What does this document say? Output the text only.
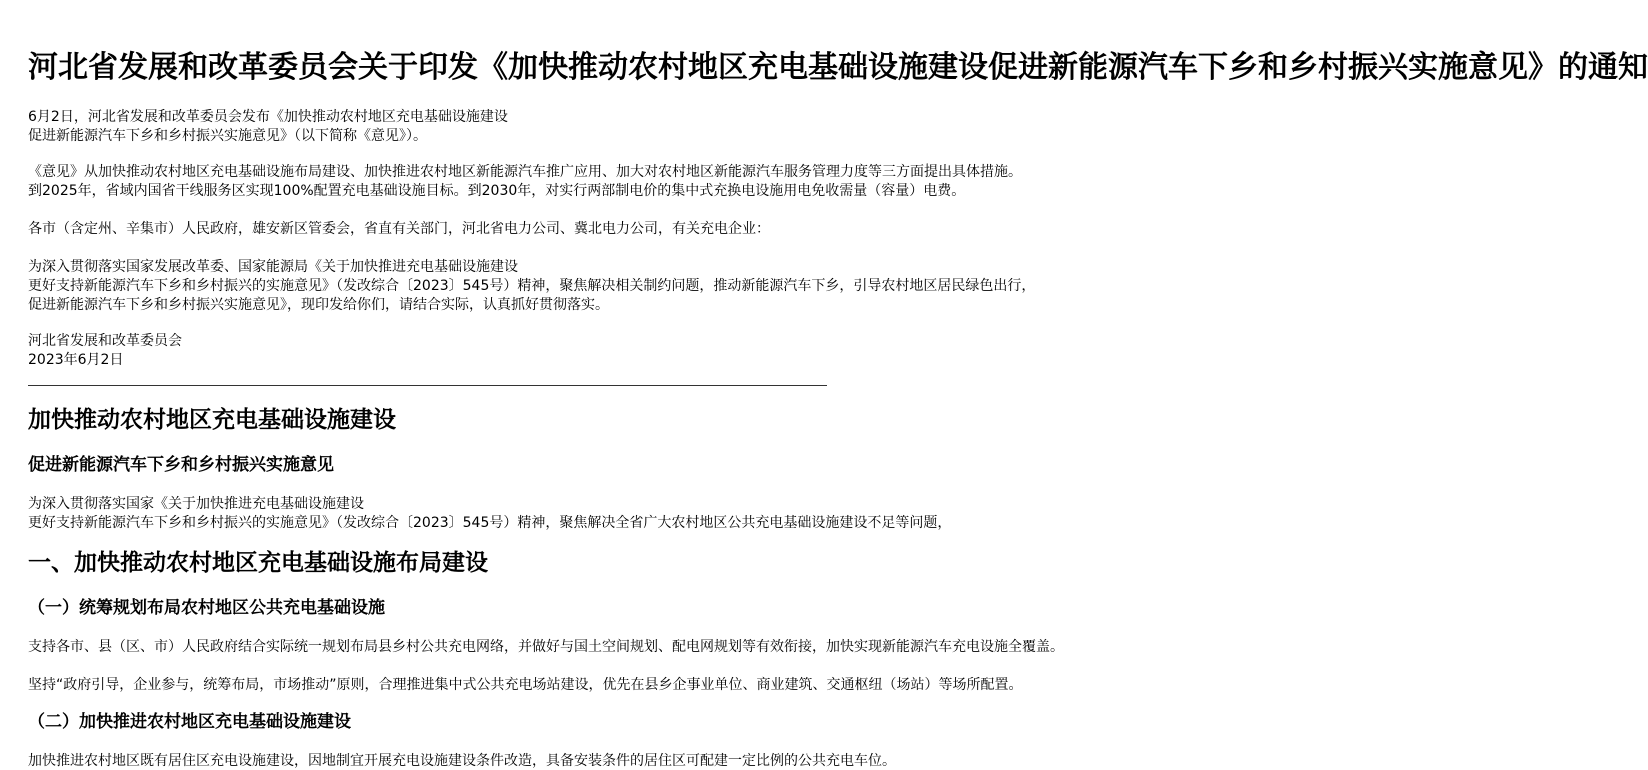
河北省发展和改革委员会关于印发《加快推动农村地区充电基础设施建设促进新能源汽车下乡和乡村振兴实施意见》的通知
6月2日，河北省发展和改革委员会发布《加快推动农村地区充电基础设施建设
促进新能源汽车下乡和乡村振兴实施意见》（以下简称《意见》）。
《意见》从加快推动农村地区充电基础设施布局建设、加快推进农村地区新能源汽车推广应用、加大对农村地区新能源汽车服务管理力度等三方面提出具体措施。
到2025年，省域内国省干线服务区实现100%配置充电基础设施目标。到2030年，对实行两部制电价的集中式充换电设施用电免收需量（容量）电费。
各市（含定州、辛集市）人民政府，雄安新区管委会，省直有关部门，河北省电力公司、冀北电力公司，有关充电企业：
为深入贯彻落实国家发展改革委、国家能源局《关于加快推进充电基础设施建设
更好支持新能源汽车下乡和乡村振兴的实施意见》（发改综合〔2023〕545号）精神，聚焦解决相关制约问题，推动新能源汽车下乡，引导农村地区居民绿色出行，
促进新能源汽车下乡和乡村振兴实施意见》，现印发给你们，请结合实际，认真抓好贯彻落实。
河北省发展和改革委员会
2023年6月2日
加快推动农村地区充电基础设施建设
促进新能源汽车下乡和乡村振兴实施意见
为深入贯彻落实国家《关于加快推进充电基础设施建设
更好支持新能源汽车下乡和乡村振兴的实施意见》（发改综合〔2023〕545号）精神，聚焦解决全省广大农村地区公共充电基础设施建设不足等问题，
一、加快推动农村地区充电基础设施布局建设
（一）统筹规划布局农村地区公共充电基础设施
支持各市、县（区、市）人民政府结合实际统一规划布局县乡村公共充电网络，并做好与国土空间规划、配电网规划等有效衔接，加快实现新能源汽车充电设施全覆盖。
坚持“政府引导，企业参与，统筹布局，市场推动”原则，合理推进集中式公共充电场站建设，优先在县乡企事业单位、商业建筑、交通枢纽（场站）等场所配置。
（二）加快推进农村地区充电基础设施建设
加快推进农村地区既有居住区充电设施建设，因地制宜开展充电设施建设条件改造，具备安装条件的居住区可配建一定比例的公共充电车位。
